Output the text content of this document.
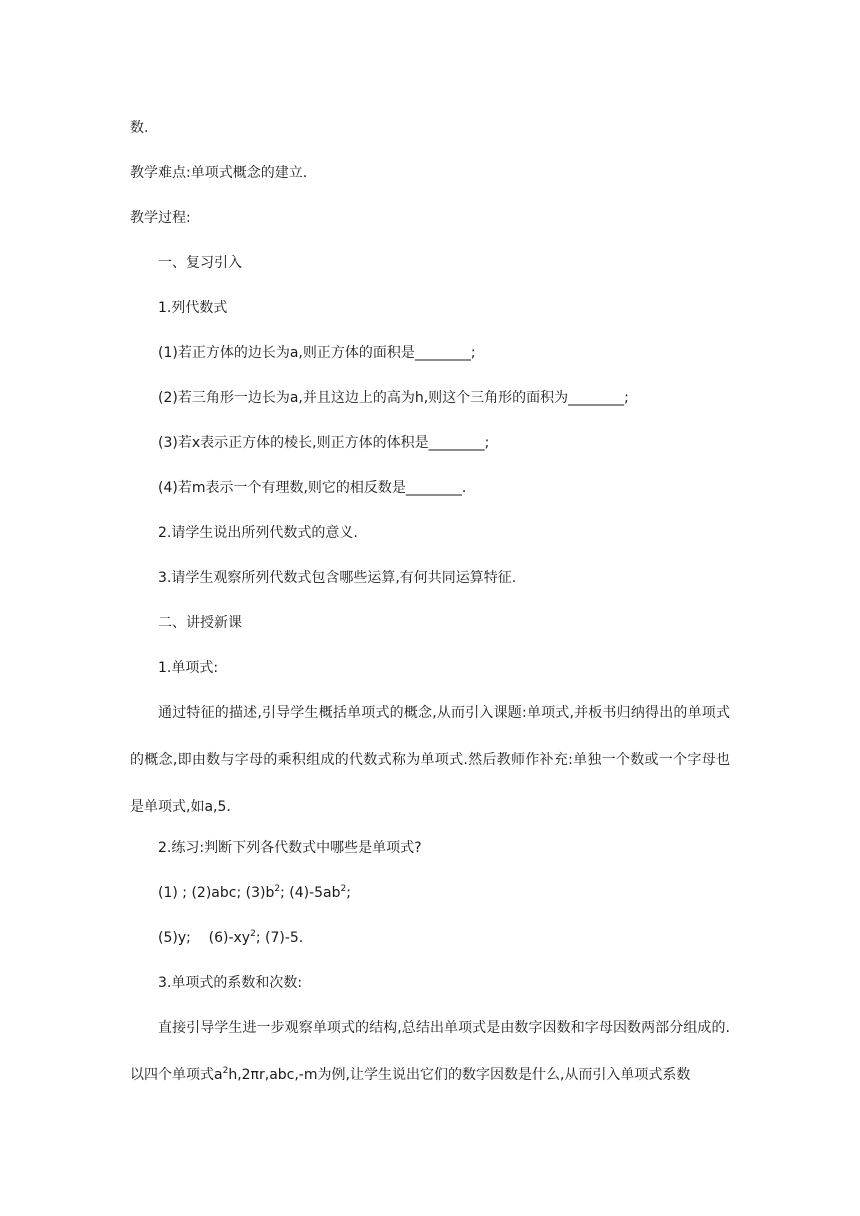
数.
教学难点:单项式概念的建立.
教学过程:
一、复习引入
1.列代数式
(1)若正方体的边长为a,则正方体的面积是________;
(2)若三角形一边长为a,并且这边上的高为h,则这个三角形的面积为________;
(3)若x表示正方体的棱长,则正方体的体积是________;
(4)若m表示一个有理数,则它的相反数是________.
2.请学生说出所列代数式的意义.
3.请学生观察所列代数式包含哪些运算,有何共同运算特征.
二、讲授新课
1.单项式:
通过特征的描述,引导学生概括单项式的概念,从而引入课题:单项式,并板书归纳得出的单项式的概念,即由数与字母的乘积组成的代数式称为单项式.然后教师作补充:单独一个数或一个字母也是单项式,如a,5.
2.练习:判断下列各代数式中哪些是单项式?
(1) ; (2)abc; $(3)b^2$; $(4)-5ab^2$;
(5)y;    $(6)-xy^2$; (7)-5.
3.单项式的系数和次数:
直接引导学生进一步观察单项式的结构,总结出单项式是由数字因数和字母因数两部分组成的.以四个单项式$a^2h,2\pi r,abc,-m$为例,让学生说出它们的数字因数是什么,从而引入单项式系数
